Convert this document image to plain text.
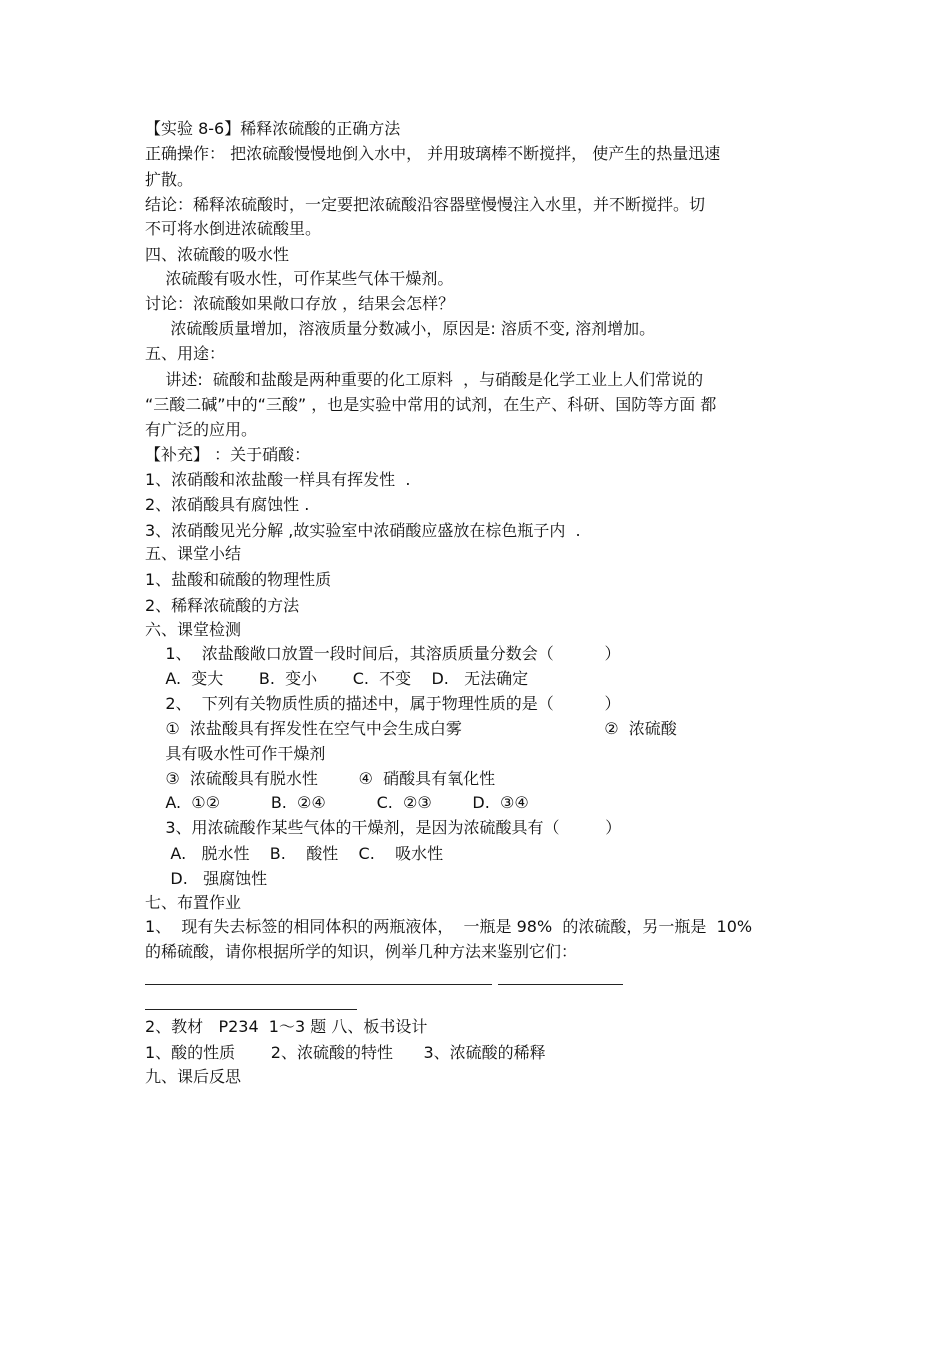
【实验 8-6】稀释浓硫酸的正确方法

正确操作： 把浓硫酸慢慢地倒入水中， 并用玻璃棒不断搅拌， 使产生的热量迅速

扩散。

结论：稀释浓硫酸时，一定要把浓硫酸沿容器壁慢慢注入水里，并不断搅拌。切

不可将水倒进浓硫酸里。

四、浓硫酸的吸水性

浓硫酸有吸水性，可作某些气体干燥剂。

讨论：浓硫酸如果敞口存放 ，结果会怎样？

浓硫酸质量增加，溶液质量分数减小，原因是: 溶质不变, 溶剂增加。

五、用途：

讲述:  硫酸和盐酸是两种重要的化工原料  ，与硝酸是化学工业上人们常说的

“三酸二碱”中的“三酸” ，也是实验中常用的试剂，在生产、科研、国防等方面 都

有广泛的应用。

【补充】 ：关于硝酸：

1、浓硝酸和浓盐酸一样具有挥发性  .

2、浓硝酸具有腐蚀性 .

3、浓硝酸见光分解 ,故实验室中浓硝酸应盛放在棕色瓶子内  .

五、课堂小结

1、盐酸和硫酸的物理性质

2、稀释浓硫酸的方法

六、课堂检测

1、  浓盐酸敞口放置一段时间后，其溶质质量分数会（          ）

A.  变大       B.  变小       C.  不变    D.   无法确定

2、  下列有关物质性质的描述中，属于物理性质的是（          ）

①  浓盐酸具有挥发性在空气中会生成白雾                            ②  浓硫酸

具有吸水性可作干燥剂

③  浓硫酸具有脱水性        ④  硝酸具有氧化性

A.  ①②          B.  ②④          C.  ②③        D.  ③④

3、用浓硫酸作某些气体的干燥剂，是因为浓硫酸具有（         ）

A.   脱水性    B.    酸性    C.    吸水性

D.   强腐蚀性

七、布置作业

1、  现有失去标签的相同体积的两瓶液体，  一瓶是 98%  的浓硫酸，另一瓶是  10%

的稀硫酸，请你根据所学的知识，例举几种方法来鉴别它们：

2、教材   P234  1～3 题 八、板书设计

1、酸的性质       2、浓硫酸的特性      3、浓硫酸的稀释

九、课后反思
